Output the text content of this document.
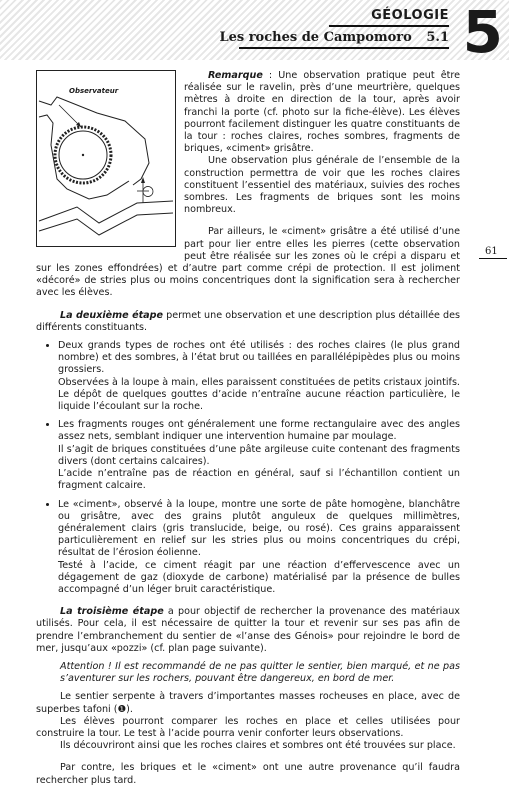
GÉOLOGIE
Les roches de Campomoro 5.1 5
61
Observateur

Remarque : Une observation pratique peut être réalisée sur le ravelin, près d’une meurtrière, quelques mètres à droite en direction de la tour, après avoir franchi la porte (cf. photo sur la fiche-élève). Les élèves pourront facilement distinguer les quatre constituants de la tour : roches claires, roches sombres, fragments de briques, «ciment» grisâtre.

Une observation plus générale de l’ensemble de la construction permettra de voir que les roches claires constituent l’essentiel des matériaux, suivies des roches sombres. Les fragments de briques sont les moins nombreux.

Par ailleurs, le «ciment» grisâtre a été utilisé d’une part pour lier entre elles les pierres (cette observation peut être réalisée sur les zones où le crépi a disparu et sur les zones effondrées) et d’autre part comme crépi de protection. Il est joliment «décoré» de stries plus ou moins concentriques dont la signification sera à rechercher avec les élèves.

La deuxième étape permet une observation et une description plus détaillée des différents constituants.

• Deux grands types de roches ont été utilisés : des roches claires (le plus grand nombre) et des sombres, à l’état brut ou taillées en parallélépipèdes plus ou moins grossiers.

Observées à la loupe à main, elles paraissent constituées de petits cristaux jointifs. Le dépôt de quelques gouttes d’acide n’entraîne aucune réaction particulière, le liquide l’écoulant sur la roche.

• Les fragments rouges ont généralement une forme rectangulaire avec des angles assez nets, semblant indiquer une intervention humaine par moulage.

Il s’agit de briques constituées d’une pâte argileuse cuite contenant des fragments divers (dont certains calcaires).

L’acide n’entraîne pas de réaction en général, sauf si l’échantillon contient un fragment calcaire.

• Le «ciment», observé à la loupe, montre une sorte de pâte homogène, blanchâtre ou grisâtre, avec des grains plutôt anguleux de quelques millimètres, généralement clairs (gris translucide, beige, ou rosé). Ces grains apparaissent particulièrement en relief sur les stries plus ou moins concentriques du crépi, résultat de l’érosion éolienne.

Testé à l’acide, ce ciment réagit par une réaction d’effervescence avec un dégagement de gaz (dioxyde de carbone) matérialisé par la présence de bulles accompagné d’un léger bruit caractéristique.

La troisième étape a pour objectif de rechercher la provenance des matériaux utilisés. Pour cela, il est nécessaire de quitter la tour et revenir sur ses pas afin de prendre l’embranchement du sentier de «l’anse des Génois» pour rejoindre le bord de mer, jusqu’aux «pozzi» (cf. plan page suivante).

Attention ! Il est recommandé de ne pas quitter le sentier, bien marqué, et ne pas s’aventurer sur les rochers, pouvant être dangereux, en bord de mer.

Le sentier serpente à travers d’importantes masses rocheuses en place, avec de superbes tafoni (❶).

Les élèves pourront comparer les roches en place et celles utilisées pour construire la tour. Le test à l’acide pourra venir conforter leurs observations.

Ils découvriront ainsi que les roches claires et sombres ont été trouvées sur place.

Par contre, les briques et le «ciment» ont une autre provenance qu’il faudra rechercher plus tard.
